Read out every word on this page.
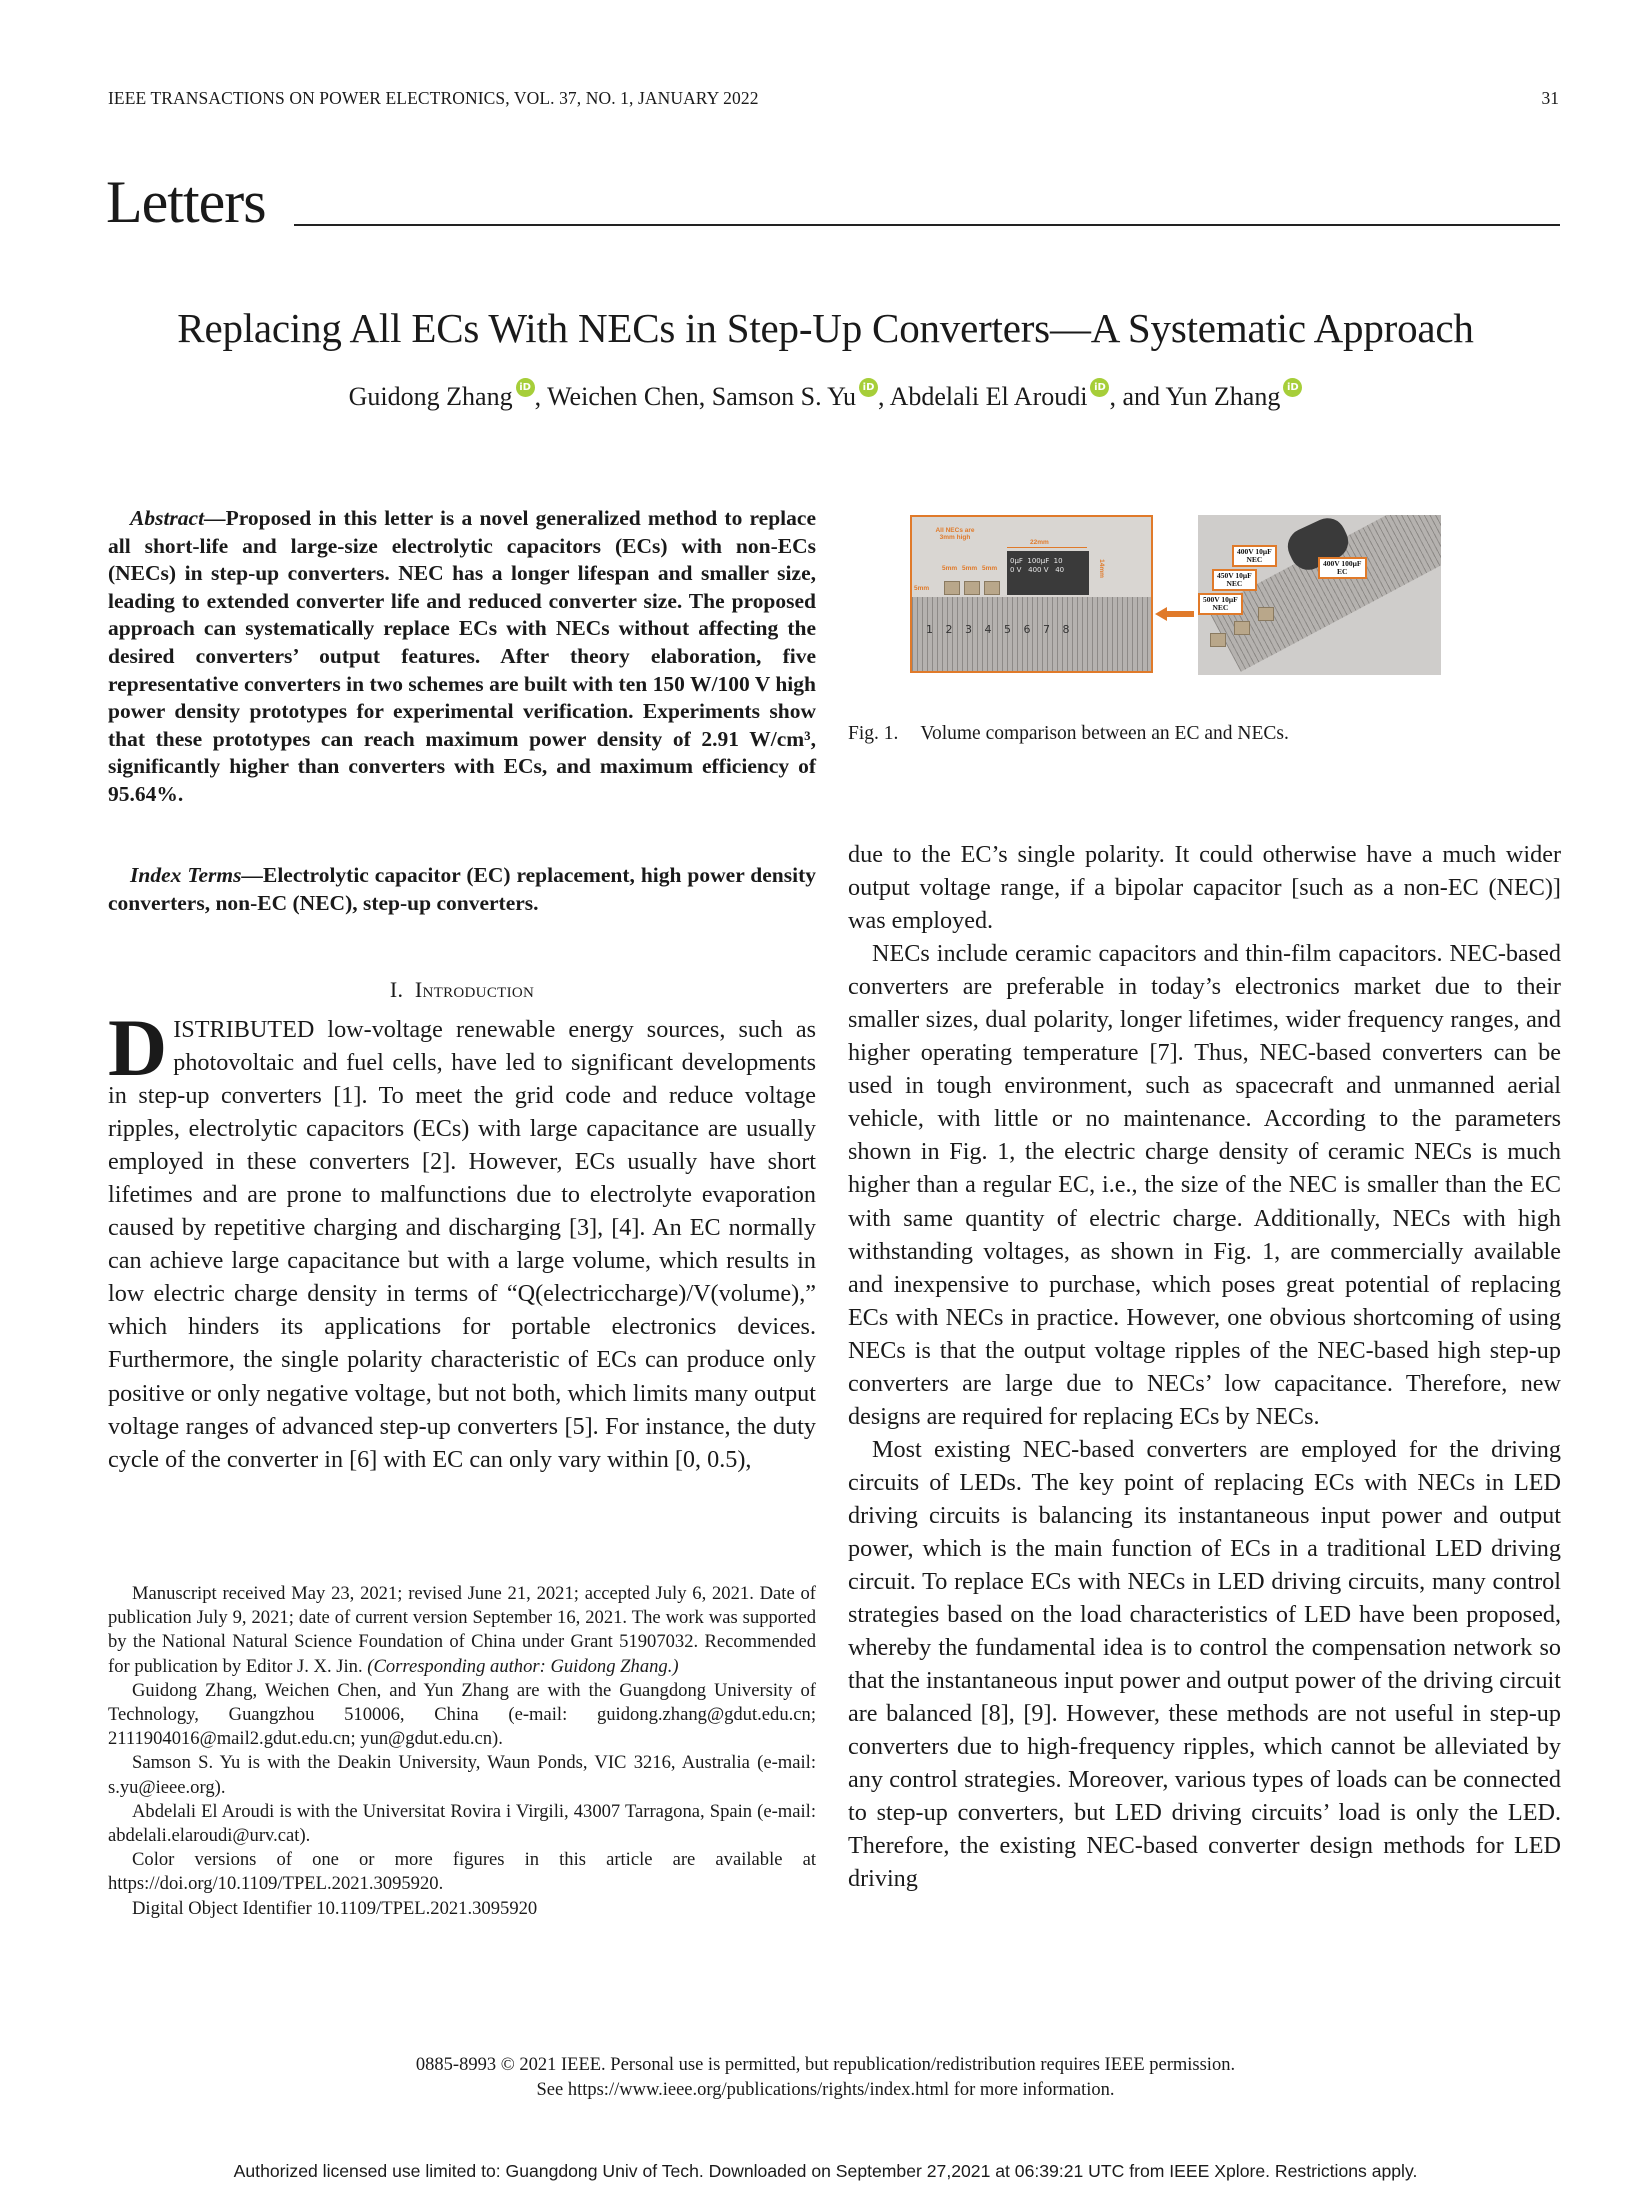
IEEE TRANSACTIONS ON POWER ELECTRONICS, VOL. 37, NO. 1, JANUARY 2022	31
Letters
Replacing All ECs With NECs in Step-Up Converters—A Systematic Approach
Guidong Zhang iD , Weichen Chen, Samson S. Yu iD , Abdelali El Aroudi iD , and Yun Zhang iD
Abstract—Proposed in this letter is a novel generalized method to replace all short-life and large-size electrolytic capacitors (ECs) with non-ECs (NECs) in step-up converters. NEC has a longer lifespan and smaller size, leading to extended converter life and reduced converter size. The proposed approach can systematically replace ECs with NECs without affecting the desired converters’ output features. After theory elaboration, five representative converters in two schemes are built with ten 150 W/100 V high power density prototypes for experimental verification. Experiments show that these prototypes can reach maximum power density of 2.91 W/cm³, significantly higher than converters with ECs, and maximum efficiency of 95.64%.
Index Terms—Electrolytic capacitor (EC) replacement, high power density converters, non-EC (NEC), step-up converters.
I. Introduction
DISTRIBUTED low-voltage renewable energy sources, such as photovoltaic and fuel cells, have led to significant developments in step-up converters [1]. To meet the grid code and reduce voltage ripples, electrolytic capacitors (ECs) with large capacitance are usually employed in these converters [2]. However, ECs usually have short lifetimes and are prone to malfunctions due to electrolyte evaporation caused by repetitive charging and discharging [3], [4]. An EC normally can achieve large capacitance but with a large volume, which results in low electric charge density in terms of “Q(electriccharge)/V(volume),” which hinders its applications for portable electronics devices. Furthermore, the single polarity characteristic of ECs can produce only positive or only negative voltage, but not both, which limits many output voltage ranges of advanced step-up converters [5]. For instance, the duty cycle of the converter in [6] with EC can only vary within [0, 0.5),

Manuscript received May 23, 2021; revised June 21, 2021; accepted July 6, 2021. Date of publication July 9, 2021; date of current version September 16, 2021. The work was supported by the National Natural Science Foundation of China under Grant 51907032. Recommended for publication by Editor J. X. Jin. (Corresponding author: Guidong Zhang.)

Guidong Zhang, Weichen Chen, and Yun Zhang are with the Guangdong University of Technology, Guangzhou 510006, China (e-mail: guidong.zhang@gdut.edu.cn; 2111904016@mail2.gdut.edu.cn; yun@gdut.edu.cn).

Samson S. Yu is with the Deakin University, Waun Ponds, VIC 3216, Australia (e-mail: s.yu@ieee.org).

Abdelali El Aroudi is with the Universitat Rovira i Virgili, 43007 Tarragona, Spain (e-mail: abdelali.elaroudi@urv.cat).

Color versions of one or more figures in this article are available at https://doi.org/10.1109/TPEL.2021.3095920.

Digital Object Identifier 10.1109/TPEL.2021.3095920

All NECs are 3mm high
22mm
0μF  100μF  10
0 V   400 V   40	14mm
5mm 5mm 5mm
5mm
12345678
400V 10μF
NEC
450V 10μF
NEC
500V 10μF
NEC
400V 100μF
EC
Fig. 1. Volume comparison between an EC and NECs.

due to the EC’s single polarity. It could otherwise have a much wider output voltage range, if a bipolar capacitor [such as a non-EC (NEC)] was employed.

NECs include ceramic capacitors and thin-film capacitors. NEC-based converters are preferable in today’s electronics market due to their smaller sizes, dual polarity, longer lifetimes, wider frequency ranges, and higher operating temperature [7]. Thus, NEC-based converters can be used in tough environment, such as spacecraft and unmanned aerial vehicle, with little or no maintenance. According to the parameters shown in Fig. 1, the electric charge density of ceramic NECs is much higher than a regular EC, i.e., the size of the NEC is smaller than the EC with same quantity of electric charge. Additionally, NECs with high withstanding voltages, as shown in Fig. 1, are commercially available and inexpensive to purchase, which poses great potential of replacing ECs with NECs in practice. However, one obvious shortcoming of using NECs is that the output voltage ripples of the NEC-based high step-up converters are large due to NECs’ low capacitance. Therefore, new designs are required for replacing ECs by NECs.

Most existing NEC-based converters are employed for the driving circuits of LEDs. The key point of replacing ECs with NECs in LED driving circuits is balancing its instantaneous input power and output power, which is the main function of ECs in a traditional LED driving circuit. To replace ECs with NECs in LED driving circuits, many control strategies based on the load characteristics of LED have been proposed, whereby the fundamental idea is to control the compensation network so that the instantaneous input power and output power of the driving circuit are balanced [8], [9]. However, these methods are not useful in step-up converters due to high-frequency ripples, which cannot be alleviated by any control strategies. Moreover, various types of loads can be connected to step-up converters, but LED driving circuits’ load is only the LED. Therefore, the existing NEC-based converter design methods for LED driving

0885-8993 © 2021 IEEE. Personal use is permitted, but republication/redistribution requires IEEE permission.
See https://www.ieee.org/publications/rights/index.html for more information.
Authorized licensed use limited to: Guangdong Univ of Tech. Downloaded on September 27,2021 at 06:39:21 UTC from IEEE Xplore. Restrictions apply.
